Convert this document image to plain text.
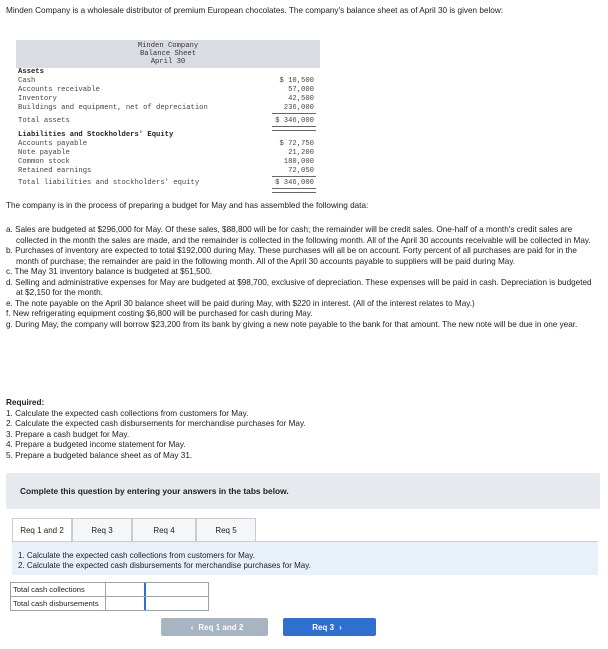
Minden Company is a wholesale distributor of premium European chocolates. The company's balance sheet as of April 30 is given below:
Minden Company
Balance Sheet
April 30
Assets
Cash	$ 10,500
Accounts receivable	57,000
Inventory	42,500
Buildings and equipment, net of depreciation	236,000
Total assets	$ 346,000
Liabilities and Stockholders' Equity
Accounts payable	$ 72,750
Note payable	21,200
Common stock	180,000
Retained earnings	72,050
Total liabilities and stockholders' equity	$ 346,000
The company is in the process of preparing a budget for May and has assembled the following data:

a. Sales are budgeted at $296,000 for May. Of these sales, $88,800 will be for cash; the remainder will be credit sales. One-half of a month's credit sales are collected in the month the sales are made, and the remainder is collected in the following month. All of the April 30 accounts receivable will be collected in May.

b. Purchases of inventory are expected to total $192,000 during May. These purchases will all be on account. Forty percent of all purchases are paid for in the month of purchase; the remainder are paid in the following month. All of the April 30 accounts payable to suppliers will be paid during May.

c. The May 31 inventory balance is budgeted at $51,500.

d. Selling and administrative expenses for May are budgeted at $98,700, exclusive of depreciation. These expenses will be paid in cash. Depreciation is budgeted at $2,150 for the month.

e. The note payable on the April 30 balance sheet will be paid during May, with $220 in interest. (All of the interest relates to May.)

f. New refrigerating equipment costing $6,800 will be purchased for cash during May.

g. During May, the company will borrow $23,200 from its bank by giving a new note payable to the bank for that amount. The new note will be due in one year.

Required:

1. Calculate the expected cash collections from customers for May.

2. Calculate the expected cash disbursements for merchandise purchases for May.

3. Prepare a cash budget for May.

4. Prepare a budgeted income statement for May.

5. Prepare a budgeted balance sheet as of May 31.

Complete this question by entering your answers in the tabs below.
Req 1 and 2	Req 3	Req 4	Req 5

1. Calculate the expected cash collections from customers for May.

2. Calculate the expected cash disbursements for merchandise purchases for May.

Total cash collections
Total cash disbursements
‹ Req 1 and 2	Req 3 ›
